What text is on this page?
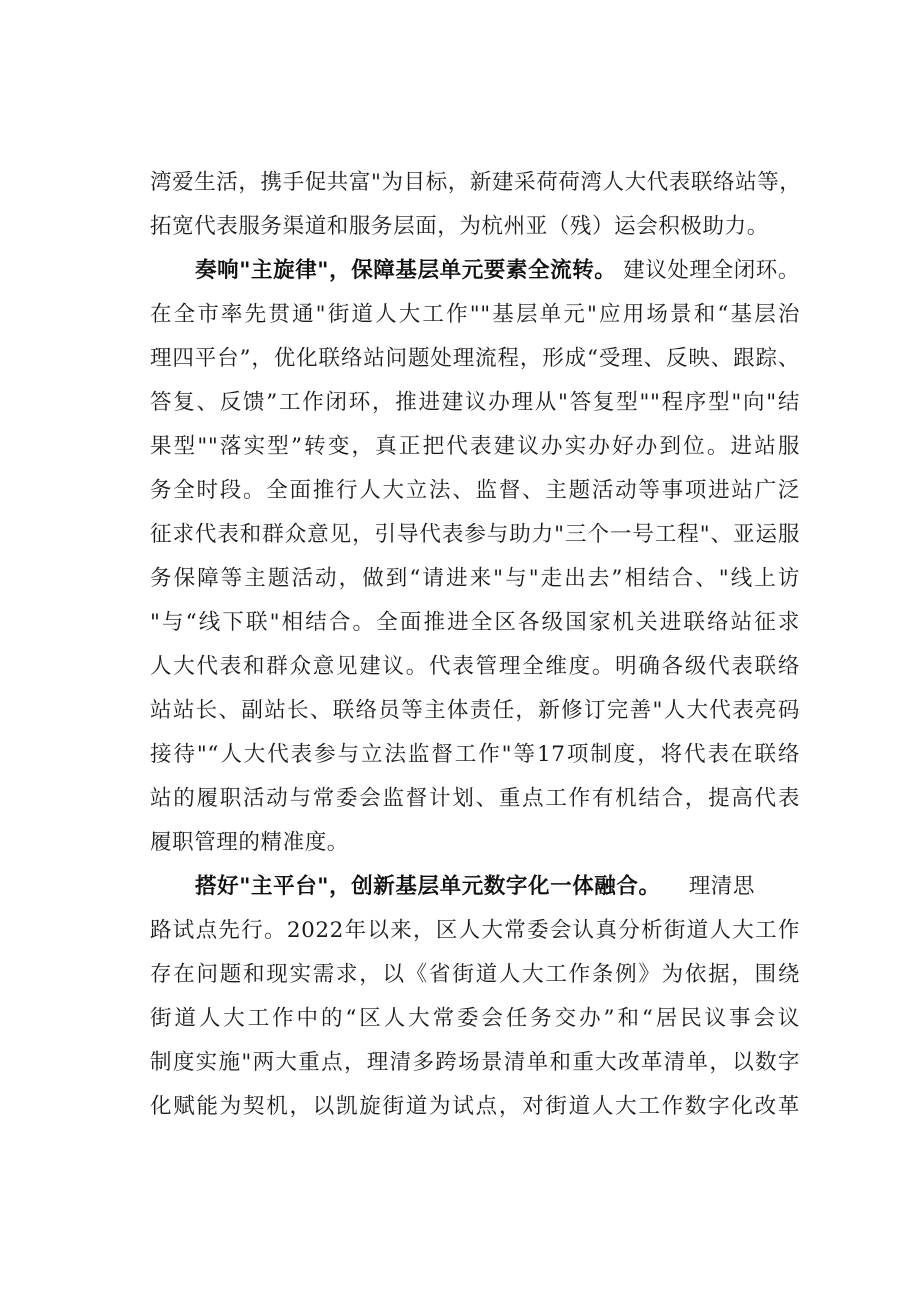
湾爱生活，携手促共富"为目标，新建采荷荷湾人大代表联络站等，
拓宽代表服务渠道和服务层面，为杭州亚（残）运会积极助力。
奏响"主旋律"，保障基层单元要素全流转。 建议处理全闭环。
在全市率先贯通"街道人大工作""基层单元"应用场景和“基层治
理四平台”，优化联络站问题处理流程，形成“受理、反映、跟踪、
答复、反馈”工作闭环，推进建议办理从"答复型""程序型"向"结
果型""落实型”转变，真正把代表建议办实办好办到位。进站服
务全时段。全面推行人大立法、监督、主题活动等事项进站广泛
征求代表和群众意见，引导代表参与助力"三个一号工程"、亚运服
务保障等主题活动，做到“请进来"与"走出去”相结合、"线上访
"与“线下联"相结合。全面推进全区各级国家机关进联络站征求
人大代表和群众意见建议。代表管理全维度。明确各级代表联络
站站长、副站长、联络员等主体责任，新修订完善"人大代表亮码
接待"“人大代表参与立法监督工作"等17项制度，将代表在联络
站的履职活动与常委会监督计划、重点工作有机结合，提高代表
履职管理的精准度。
搭好"主平台"，创新基层单元数字化一体融合。 理清思
路试点先行。2022年以来，区人大常委会认真分析街道人大工作
存在问题和现实需求，以《省街道人大工作条例》为依据，围绕
街道人大工作中的“区人大常委会任务交办”和“居民议事会议
制度实施"两大重点，理清多跨场景清单和重大改革清单，以数字
化赋能为契机，以凯旋街道为试点，对街道人大工作数字化改革
